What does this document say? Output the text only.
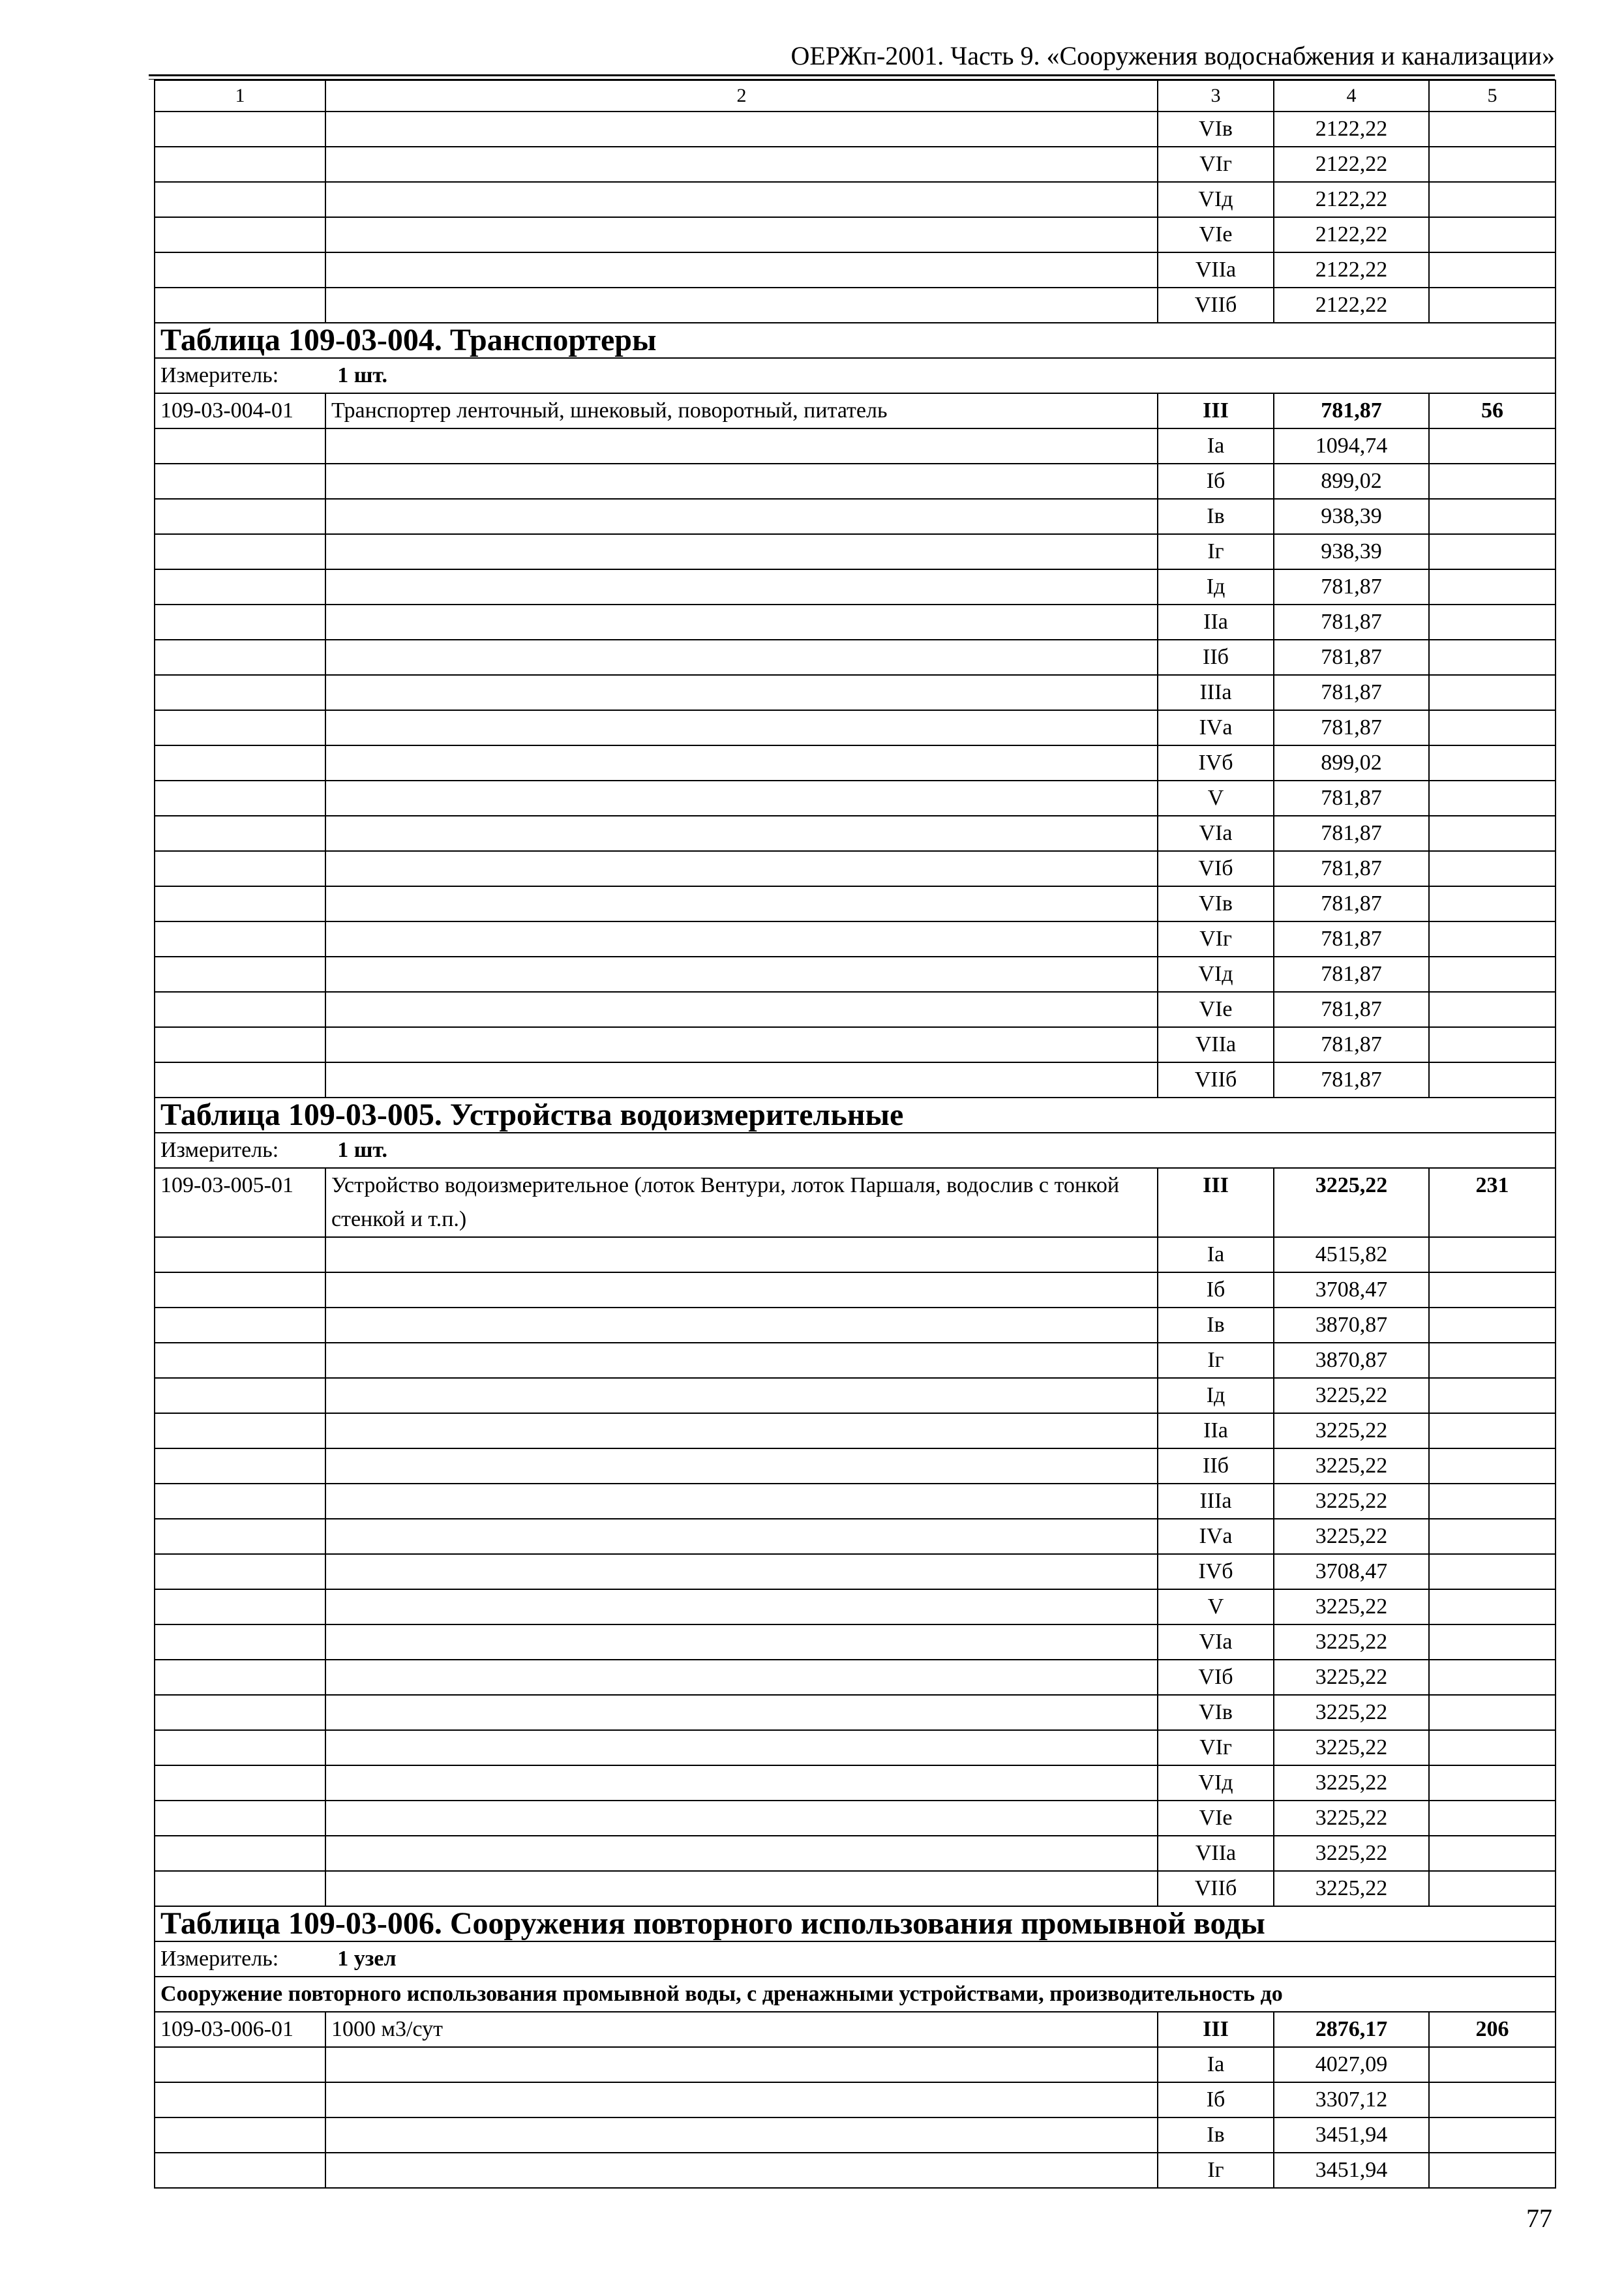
ОЕРЖп-2001. Часть 9. «Сооружения водоснабжения и канализации»
1	2	3	4	5
		VIв	2122,22	
		VIг	2122,22	
		VIд	2122,22	
		VIе	2122,22	
		VIIа	2122,22	
		VIIб	2122,22	
Таблица 109-03-004. Транспортеры				
Измеритель: 1 шт.				
109-03-004-01	Транспортер ленточный, шнековый, поворотный, питатель	III	781,87	56
		Iа	1094,74	
		Iб	899,02	
		Iв	938,39	
		Iг	938,39	
		Iд	781,87	
		IIа	781,87	
		IIб	781,87	
		IIIа	781,87	
		IVа	781,87	
		IVб	899,02	
		V	781,87	
		VIа	781,87	
		VIб	781,87	
		VIв	781,87	
		VIг	781,87	
		VIд	781,87	
		VIе	781,87	
		VIIа	781,87	
		VIIб	781,87	
Таблица 109-03-005. Устройства водоизмерительные				
Измеритель: 1 шт.				
109-03-005-01	Устройство водоизмерительное (лоток Вентури, лоток Паршаля, водослив с тонкой стенкой и т.п.)	III	3225,22	231
		Iа	4515,82	
		Iб	3708,47	
		Iв	3870,87	
		Iг	3870,87	
		Iд	3225,22	
		IIа	3225,22	
		IIб	3225,22	
		IIIа	3225,22	
		IVа	3225,22	
		IVб	3708,47	
		V	3225,22	
		VIа	3225,22	
		VIб	3225,22	
		VIв	3225,22	
		VIг	3225,22	
		VIд	3225,22	
		VIе	3225,22	
		VIIа	3225,22	
		VIIб	3225,22	
Таблица 109-03-006. Сооружения повторного использования промывной воды				
Измеритель: 1 узел				
Сооружение повторного использования промывной воды, с дренажными устройствами, производительность до				
109-03-006-01	1000 м3/сут	III	2876,17	206
		Iа	4027,09	
		Iб	3307,12	
		Iв	3451,94	
		Iг	3451,94	
77
